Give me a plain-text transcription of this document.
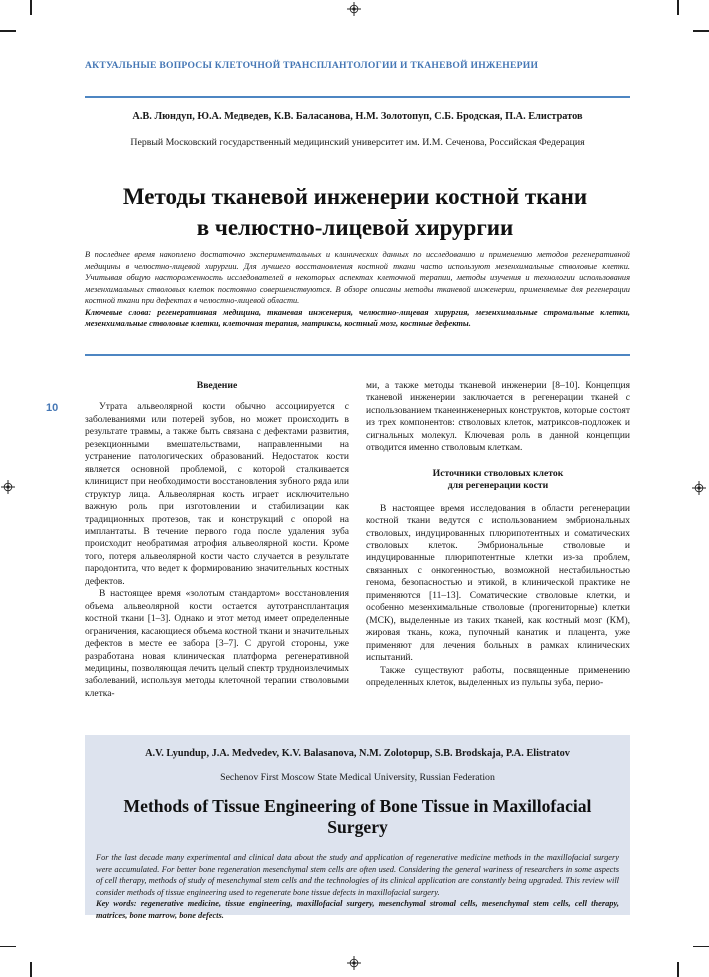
АКТУАЛЬНЫЕ ВОПРОСЫ КЛЕТОЧНОЙ ТРАНСПЛАНТОЛОГИИ И ТКАНЕВОЙ ИНЖЕНЕРИИ
А.В. Люндуп, Ю.А. Медведев, К.В. Баласанова, Н.М. Золотопуп, С.Б. Бродская, П.А. Елистратов
Первый Московский государственный медицинский университет им. И.М. Сеченова, Российская Федерация
Методы тканевой инженерии костной ткани
в челюстно-лицевой хирургии

В последнее время накоплено достаточно экспериментальных и клинических данных по исследованию и применению методов регенеративной медицины в челюстно-лицевой хирургии. Для лучшего восстановления костной ткани часто используют мезенхимальные стволовые клетки. Учитывая общую настороженность исследователей в некоторых аспектах клеточной терапии, методы изучения и технологии использования мезенхимальных стволовых клеток постоянно совершенствуются. В обзоре описаны методы тканевой инженерии, применяемые для регенерации костной ткани при дефектах в челюстно-лицевой области.

Ключевые слова: регенеративная медицина, тканевая инженерия, челюстно-лицевая хирургия, мезенхимальные стромальные клетки, мезенхимальные стволовые клетки, клеточная терапия, матриксы, костный мозг, костные дефекты.

10
Введение

Утрата альвеолярной кости обычно ассоциируется с заболеваниями или потерей зубов, но может происходить в результате травмы, а также быть связана с дефектами развития, резекционными вмешательствами, направленными на устранение патологических образований. Недостаток кости является основной проблемой, с которой сталкивается клиницист при необходимости восстановления зубного ряда или структур лица. Альвеолярная кость играет исключительно важную роль при изготовлении и стабилизации как традиционных протезов, так и конструкций с опорой на имплантаты. В течение первого года после удаления зуба происходит необратимая атрофия альвеолярной кости. Кроме того, потеря альвеолярной кости часто случается в результате пародонтита, что ведет к формированию значительных костных дефектов.

В настоящее время «золотым стандартом» восстановления объема альвеолярной кости остается аутотрансплантация костной ткани [1–3]. Однако и этот метод имеет определенные ограничения, касающиеся объема костной ткани и значительных дефектов в месте ее забора [3–7]. С другой стороны, уже разработана новая клиническая платформа регенеративной медицины, позволяющая лечить целый спектр трудноизлечимых заболеваний, используя методы клеточной терапии стволовыми клетка-

ми, а также методы тканевой инженерии [8–10]. Концепция тканевой инженерии заключается в регенерации тканей с использованием тканеинженерных конструктов, которые состоят из трех компонентов: стволовых клеток, матриксов-подложек и сигнальных молекул. Ключевая роль в данной концепции отводится именно стволовым клеткам.

Источники стволовых клеток
для регенерации кости

В настоящее время исследования в области регенерации костной ткани ведутся с использованием эмбриональных стволовых, индуцированных плюрипотентных и соматических стволовых клеток. Эмбриональные стволовые и индуцированные плюрипотентные клетки из-за проблем, связанных с онкогенностью, возможной нестабильностью генома, безопасностью и этикой, в клинической практике не применяются [11–13]. Соматические стволовые клетки, и особенно мезенхимальные стволовые (прогениторные) клетки (МСК), выделенные из таких тканей, как костный мозг (КМ), жировая ткань, кожа, пупочный канатик и плацента, уже применяют для лечения больных в рамках клинических испытаний.

Также существуют работы, посвященные применению определенных клеток, выделенных из пульпы зуба, перио-

A.V. Lyundup, J.A. Medvedev, K.V. Balasanova, N.M. Zolotopup, S.B. Brodskaja, P.A. Elistratov

Sechenov First Moscow State Medical University, Russian Federation

Methods of Tissue Engineering of Bone Tissue in Maxillofacial Surgery

For the last decade many experimental and clinical data about the study and application of regenerative medicine methods in the maxillofacial surgery were accumulated. For better bone regeneration mesenchymal stem cells are often used. Considering the general wariness of researchers in some aspects of cell therapy, methods of study of mesenchymal stem cells and the technologies of its clinical application are constantly being upgraded. This review will consider methods of tissue engineering used to regenerate bone tissue defects in maxillofacial surgery.

Key words: regenerative medicine, tissue engineering, maxillofacial surgery, mesenchymal stromal cells, mesenchymal stem cells, cell therapy, matrices, bone marrow, bone defects.
